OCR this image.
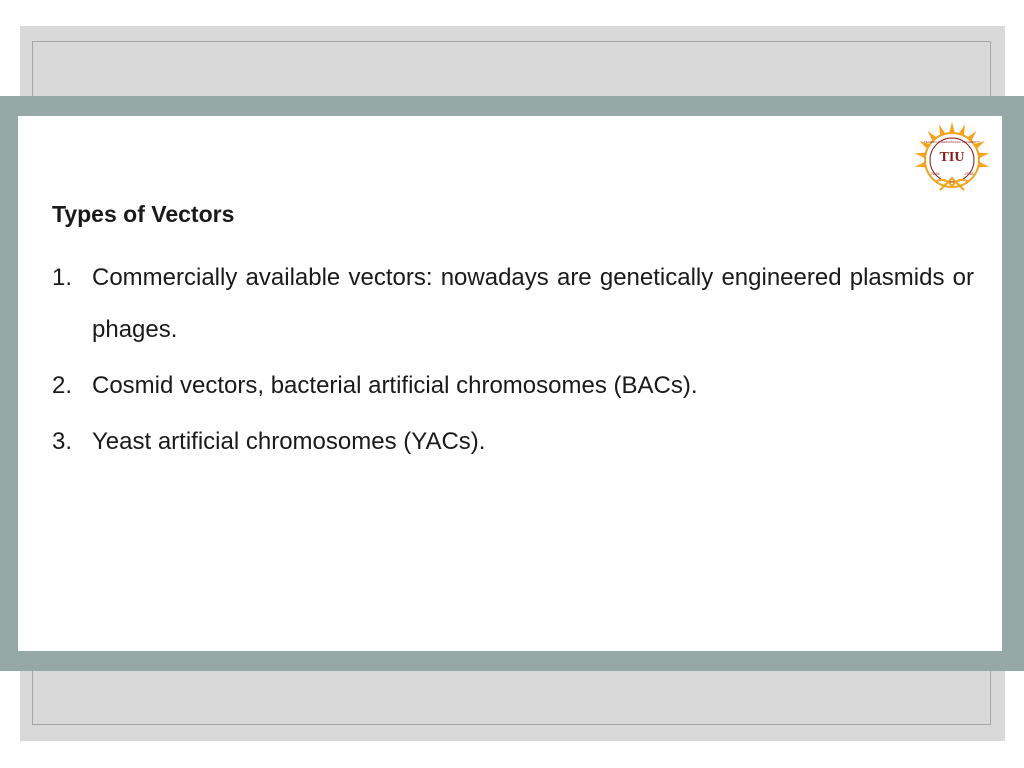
TIU
2006	2008
TECHNO INTERNATIONAL UNIVERSITY
Types of Vectors
1. Commercially available vectors: nowadays are genetically engineered plasmids or phages.
2. Cosmid vectors, bacterial artificial chromosomes (BACs).
3. Yeast artificial chromosomes (YACs).
